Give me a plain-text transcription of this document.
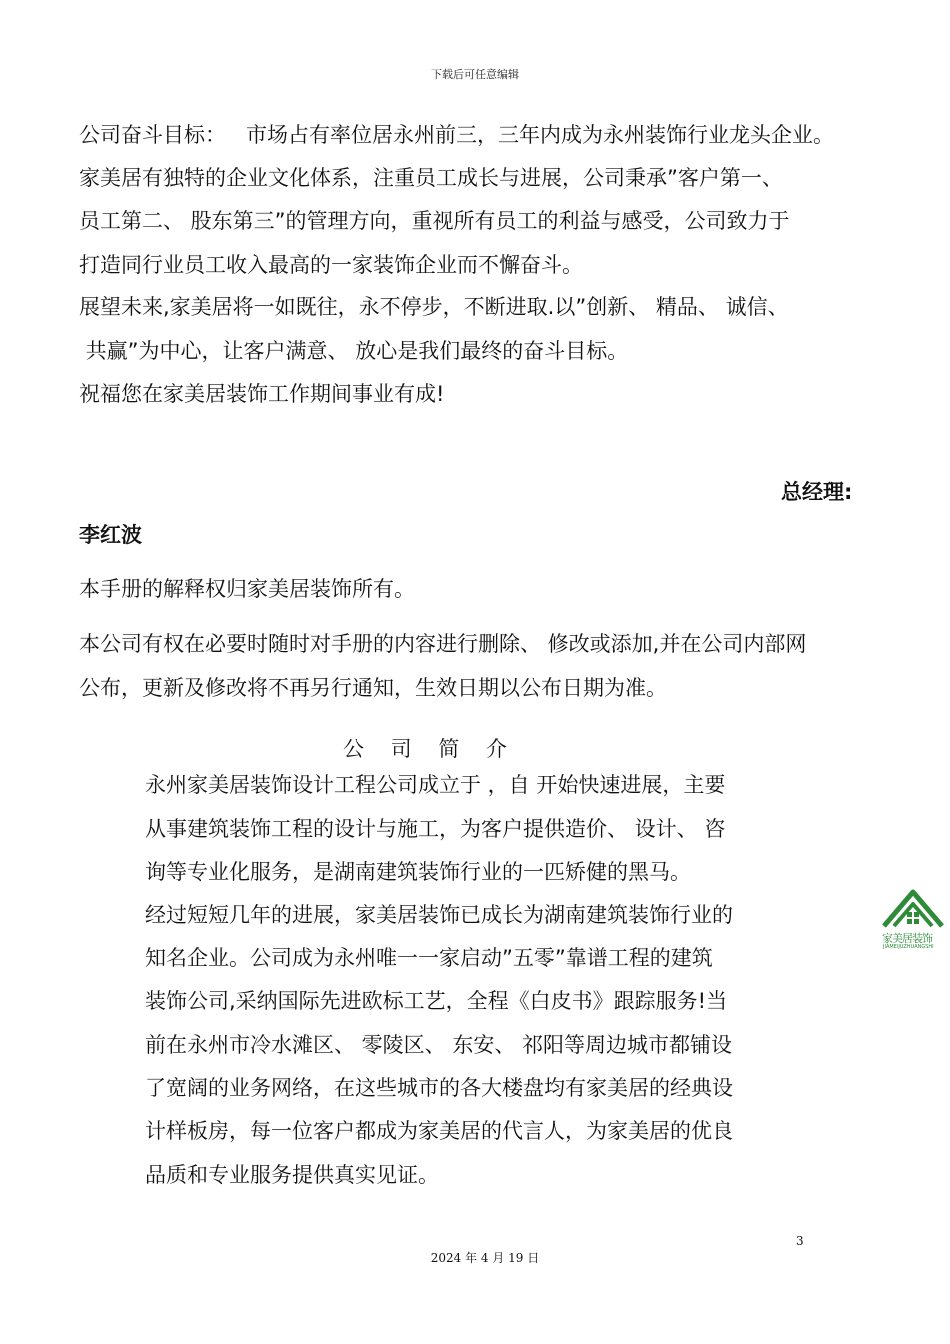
下载后可任意编辑
公司奋斗目标：   市场占有率位居永州前三，三年内成为永州装饰行业龙头企业。
家美居有独特的企业文化体系，注重员工成长与进展，公司秉承”客户第一、
员工第二、 股东第三”的管理方向，重视所有员工的利益与感受，公司致力于
打造同行业员工收入最高的一家装饰企业而不懈奋斗。
展望未来,家美居将一如既往，永不停步，不断进取.以”创新、 精品、 诚信、
共赢”为中心，让客户满意、 放心是我们最终的奋斗目标。
祝福您在家美居装饰工作期间事业有成!
总经理:
李红波
本手册的解释权归家美居装饰所有。
本公司有权在必要时随时对手册的内容进行删除、 修改或添加,并在公司内部网
公布，更新及修改将不再另行通知，生效日期以公布日期为准。
公 司 简 介
永州家美居装饰设计工程公司成立于 ，自 开始快速进展，主要
从事建筑装饰工程的设计与施工，为客户提供造价、 设计、 咨
询等专业化服务，是湖南建筑装饰行业的一匹矫健的黑马。
经过短短几年的进展，家美居装饰已成长为湖南建筑装饰行业的
知名企业。公司成为永州唯一一家启动”五零”靠谱工程的建筑
装饰公司,采纳国际先进欧标工艺，全程《白皮书》跟踪服务!当
前在永州市冷水滩区、 零陵区、 东安、 祁阳等周边城市都铺设
了宽阔的业务网络，在这些城市的各大楼盘均有家美居的经典设
计样板房，每一位客户都成为家美居的代言人，为家美居的优良
品质和专业服务提供真实见证。
家美居装饰
JIAMEIJUZHUANGSHI
3
2024 年 4 月 19 日
